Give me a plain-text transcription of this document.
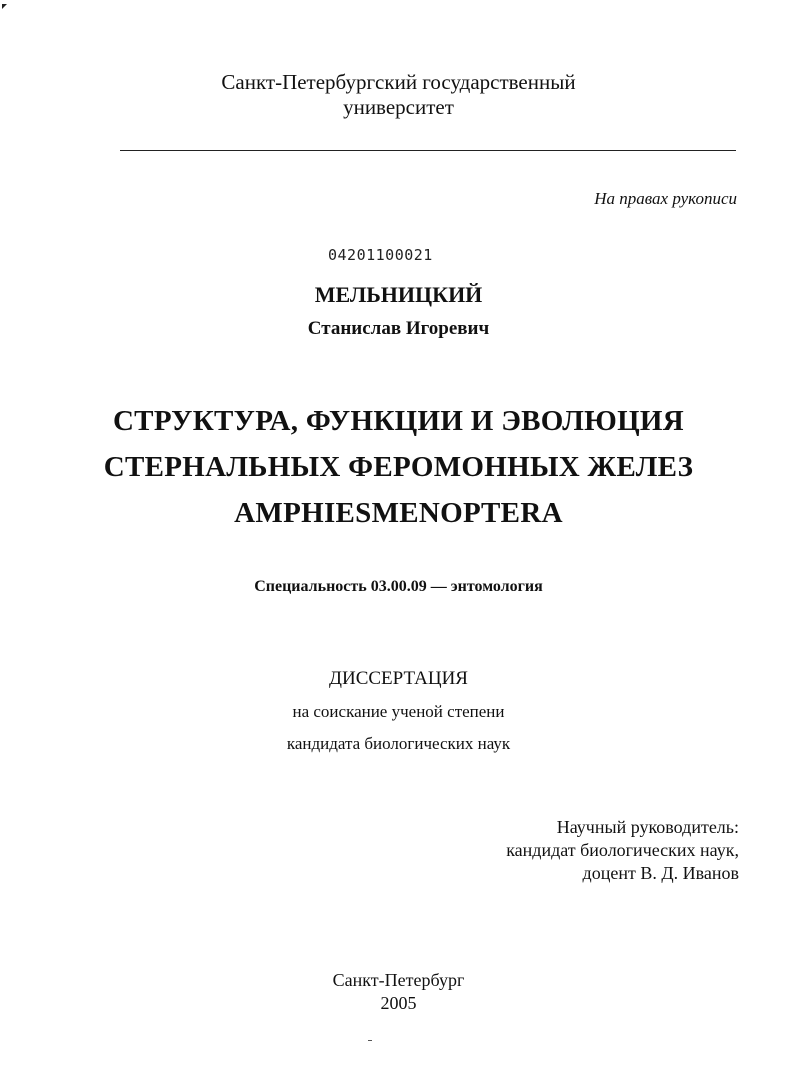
Санкт-Петербургский государственный
университет
На правах рукописи
04201100021
МЕЛЬНИЦКИЙ
Станислав Игоревич
СТРУКТУРА, ФУНКЦИИ И ЭВОЛЮЦИЯ
СТЕРНАЛЬНЫХ ФЕРОМОННЫХ ЖЕЛЕЗ
AMPHIESMENOPTERA
Специальность 03.00.09 — энтомология
ДИССЕРТАЦИЯ
на соискание ученой степени
кандидата биологических наук
Научный руководитель:
кандидат биологических наук,
доцент В. Д. Иванов
Санкт-Петербург
2005
